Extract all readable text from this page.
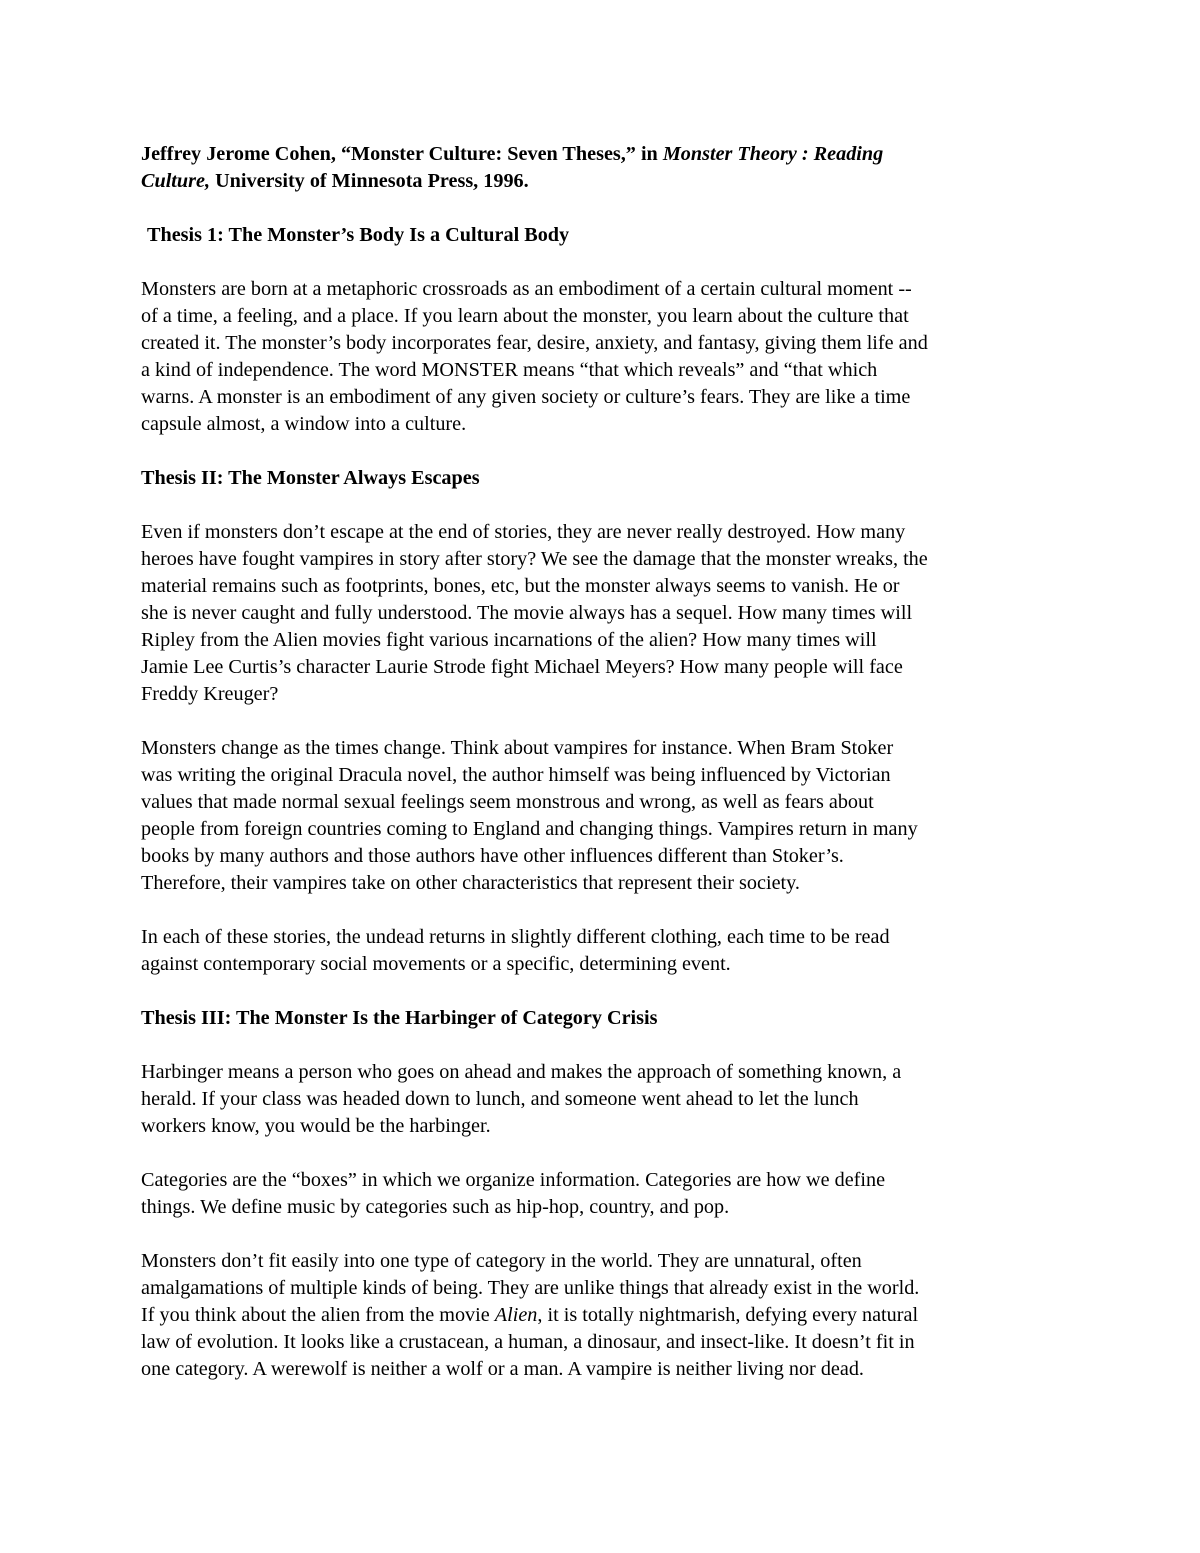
Jeffrey Jerome Cohen, “Monster Culture: Seven Theses,” in Monster Theory : Reading
Culture, University of Minnesota Press, 1996.
Thesis 1: The Monster’s Body Is a Cultural Body
Monsters are born at a metaphoric crossroads as an embodiment of a certain cultural moment --
of a time, a feeling, and a place. If you learn about the monster, you learn about the culture that
created it. The monster’s body incorporates fear, desire, anxiety, and fantasy, giving them life and
a kind of independence. The word MONSTER means “that which reveals” and “that which
warns. A monster is an embodiment of any given society or culture’s fears. They are like a time
capsule almost, a window into a culture.
Thesis II: The Monster Always Escapes
Even if monsters don’t escape at the end of stories, they are never really destroyed. How many
heroes have fought vampires in story after story? We see the damage that the monster wreaks, the
material remains such as footprints, bones, etc, but the monster always seems to vanish. He or
she is never caught and fully understood. The movie always has a sequel. How many times will
Ripley from the Alien movies fight various incarnations of the alien? How many times will
Jamie Lee Curtis’s character Laurie Strode fight Michael Meyers? How many people will face
Freddy Kreuger?
Monsters change as the times change. Think about vampires for instance. When Bram Stoker
was writing the original Dracula novel, the author himself was being influenced by Victorian
values that made normal sexual feelings seem monstrous and wrong, as well as fears about
people from foreign countries coming to England and changing things. Vampires return in many
books by many authors and those authors have other influences different than Stoker’s.
Therefore, their vampires take on other characteristics that represent their society.
In each of these stories, the undead returns in slightly different clothing, each time to be read
against contemporary social movements or a specific, determining event.
Thesis III: The Monster Is the Harbinger of Category Crisis
Harbinger means a person who goes on ahead and makes the approach of something known, a
herald. If your class was headed down to lunch, and someone went ahead to let the lunch
workers know, you would be the harbinger.
Categories are the “boxes” in which we organize information. Categories are how we define
things. We define music by categories such as hip-hop, country, and pop.
Monsters don’t fit easily into one type of category in the world. They are unnatural, often
amalgamations of multiple kinds of being. They are unlike things that already exist in the world.
If you think about the alien from the movie Alien, it is totally nightmarish, defying every natural
law of evolution. It looks like a crustacean, a human, a dinosaur, and insect-like. It doesn’t fit in
one category. A werewolf is neither a wolf or a man. A vampire is neither living nor dead.
